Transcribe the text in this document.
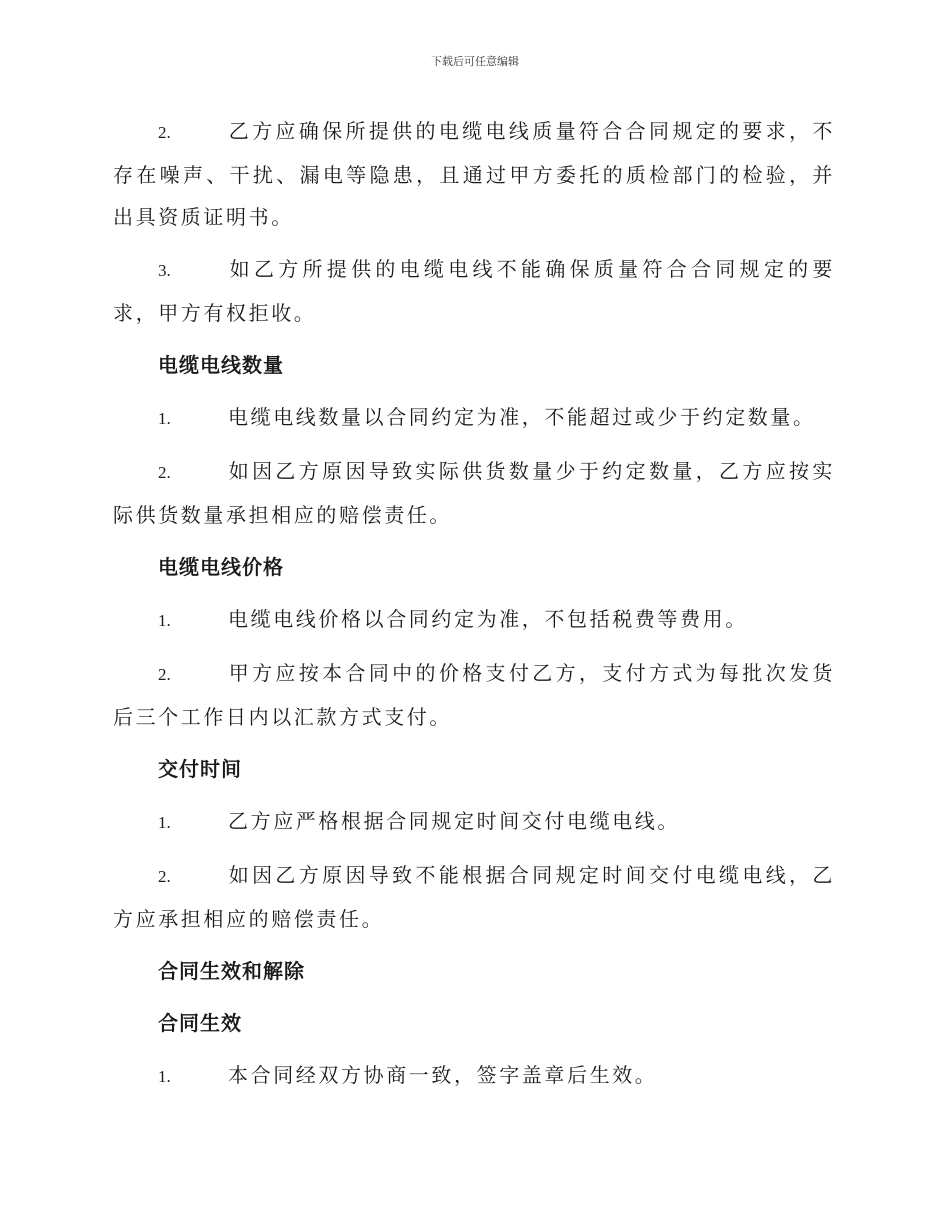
下载后可任意编辑

2.	乙方应确保所提供的电缆电线质量符合合同规定的要求，不存在噪声、干扰、漏电等隐患，且通过甲方委托的质检部门的检验，并出具资质证明书。

3.	如乙方所提供的电缆电线不能确保质量符合合同规定的要求，甲方有权拒收。

电缆电线数量

1.	电缆电线数量以合同约定为准，不能超过或少于约定数量。

2.	如因乙方原因导致实际供货数量少于约定数量，乙方应按实际供货数量承担相应的赔偿责任。

电缆电线价格

1.	电缆电线价格以合同约定为准，不包括税费等费用。

2.	甲方应按本合同中的价格支付乙方，支付方式为每批次发货后三个工作日内以汇款方式支付。

交付时间

1.	乙方应严格根据合同规定时间交付电缆电线。

2.	如因乙方原因导致不能根据合同规定时间交付电缆电线，乙方应承担相应的赔偿责任。

合同生效和解除
合同生效

1.	本合同经双方协商一致，签字盖章后生效。
